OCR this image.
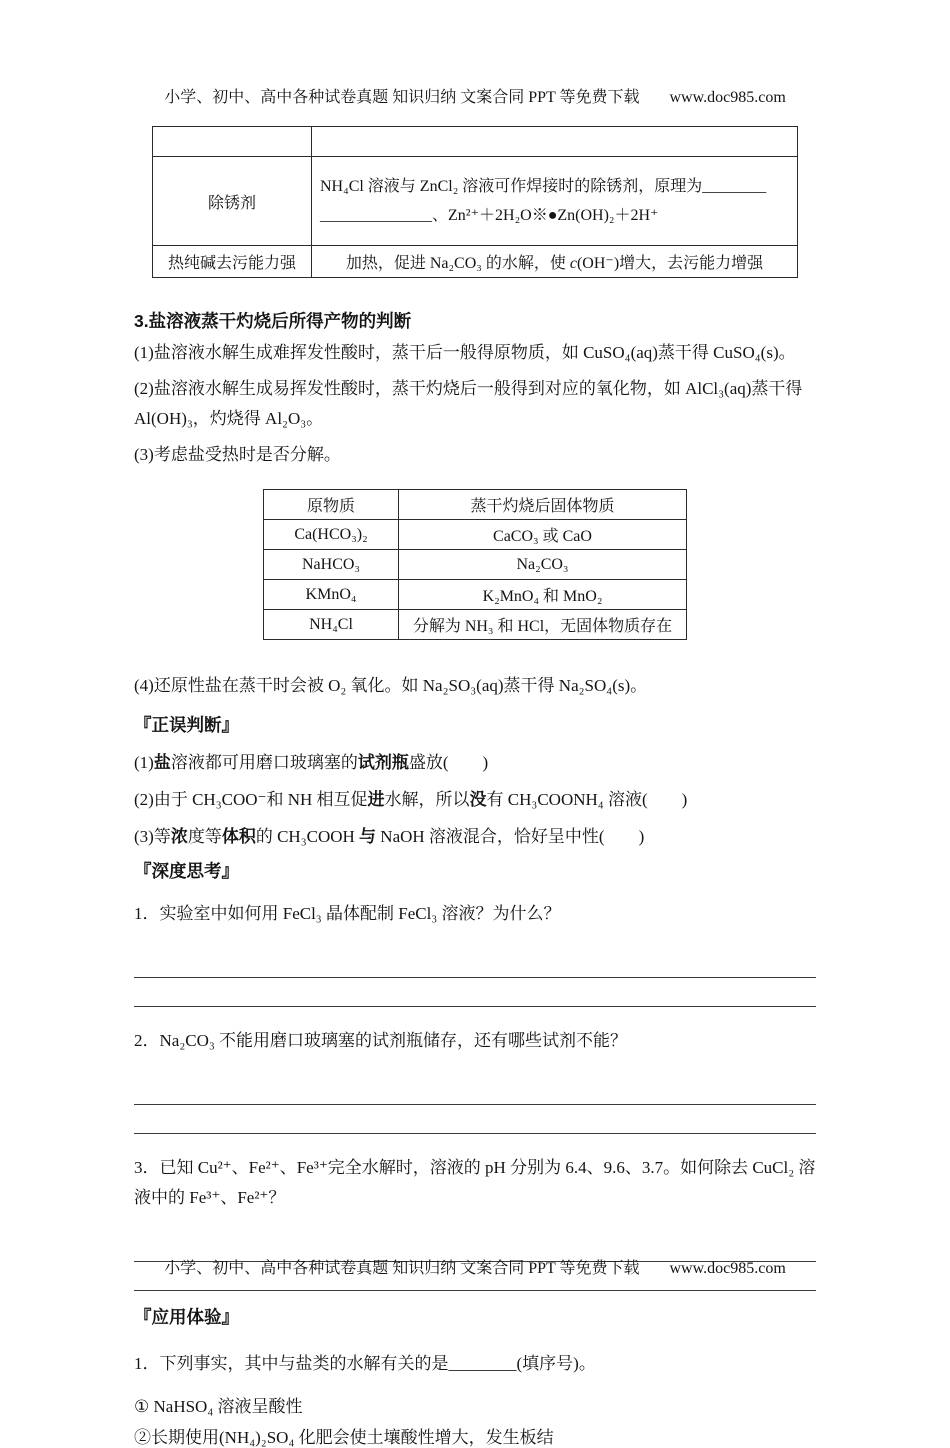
小学、初中、高中各种试卷真题 知识归纳 文案合同 PPT 等免费下载 www.doc985.com

除锈剂	NH₄Cl 溶液与 ZnCl₂ 溶液可作焊接时的除锈剂，原理为________
______________、Zn²⁺＋2H₂O※●Zn(OH)₂＋2H⁺

热纯碱去污能力强	加热，促进 Na₂CO₃ 的水解，使 c(OH⁻)增大，去污能力增强
3.盐溶液蒸干灼烧后所得产物的判断

(1)盐溶液水解生成难挥发性酸时，蒸干后一般得原物质，如 CuSO₄(aq)蒸干得 CuSO₄(s)。

(2)盐溶液水解生成易挥发性酸时，蒸干灼烧后一般得到对应的氧化物，如 AlCl₃(aq)蒸干得 Al(OH)₃，灼烧得 Al₂O₃。

(3)考虑盐受热时是否分解。

原物质	蒸干灼烧后固体物质
Ca(HCO₃)₂	CaCO₃ 或 CaO
NaHCO₃	Na₂CO₃
KMnO₄	K₂MnO₄ 和 MnO₂
NH₄Cl	分解为 NH₃ 和 HCl，无固体物质存在

(4)还原性盐在蒸干时会被 O₂ 氧化。如 Na₂SO₃(aq)蒸干得 Na₂SO₄(s)。

『正误判断』
(1)盐溶液都可用磨口玻璃塞的试剂瓶盛放(　　)
(2)由于 CH₃COO⁻和 NH 相互促进水解，所以没有 CH₃COONH₄ 溶液(　　)
(3)等浓度等体积的 CH₃COOH 与 NaOH 溶液混合，恰好呈中性(　　)
『深度思考』

1．实验室中如何用 FeCl₃ 晶体配制 FeCl₃ 溶液？为什么？

2．Na₂CO₃ 不能用磨口玻璃塞的试剂瓶储存，还有哪些试剂不能？

3．已知 Cu²⁺、Fe²⁺、Fe³⁺完全水解时，溶液的 pH 分别为 6.4、9.6、3.7。如何除去 CuCl₂ 溶液中的 Fe³⁺、Fe²⁺？

『应用体验』

1．下列事实，其中与盐类的水解有关的是________(填序号)。

① NaHSO₄ 溶液呈酸性
②长期使用(NH₄)₂SO₄ 化肥会使土壤酸性增大，发生板结
小学、初中、高中各种试卷真题 知识归纳 文案合同 PPT 等免费下载 www.doc985.com
